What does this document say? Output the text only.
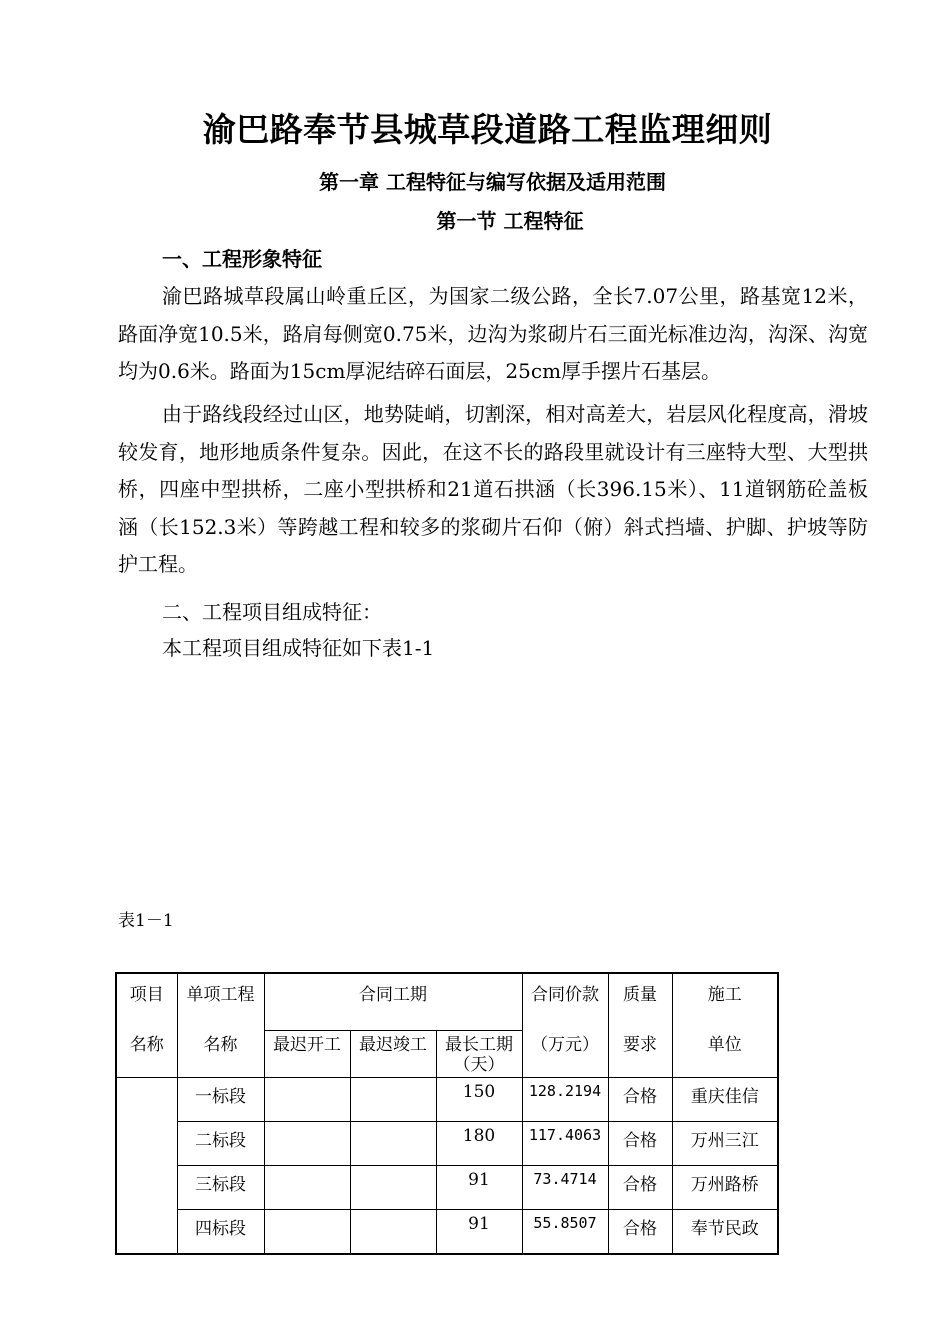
渝巴路奉节县城草段道路工程监理细则
第一章 工程特征与编写依据及适用范围
第一节 工程特征
一、工程形象特征
渝巴路城草段属山岭重丘区，为国家二级公路，全长7.07公里，路基宽12米，路面净宽10.5米，路肩每侧宽0.75米，边沟为浆砌片石三面光标准边沟，沟深、沟宽均为0.6米。路面为15cm厚泥结碎石面层，25cm厚手摆片石基层。
由于路线段经过山区，地势陡峭，切割深，相对高差大，岩层风化程度高，滑坡较发育，地形地质条件复杂。因此，在这不长的路段里就设计有三座特大型、大型拱桥，四座中型拱桥，二座小型拱桥和21道石拱涵（长396.15米）、11道钢筋砼盖板涵（长152.3米）等跨越工程和较多的浆砌片石仰（俯）斜式挡墙、护脚、护坡等防护工程。
二、工程项目组成特征：
本工程项目组成特征如下表1-1
表1－1
项目	单项工程	合同工期			合同价款	质量	施工
名称	名称	最迟开工	最迟竣工	最长工期（天）	（万元）	要求	单位
	一标段			150	128.2194	合格	重庆佳信
	二标段			180	117.4063	合格	万州三江
	三标段			91	73.4714	合格	万州路桥
	四标段			91	55.8507	合格	奉节民政
